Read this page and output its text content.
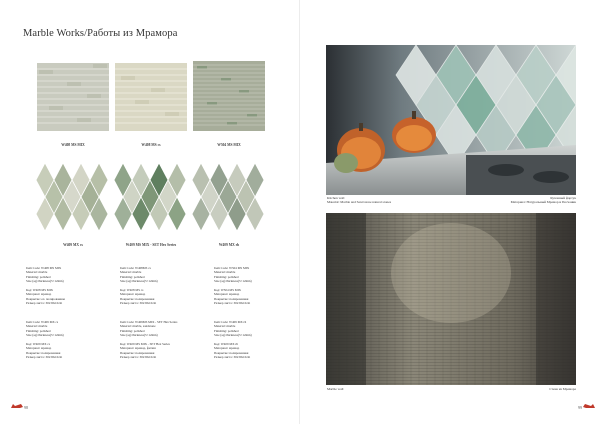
Marble Works/Работы из Мрамора
W408 MS MIX	W408 MS cs	W504 MS MIX
W409 MX cs	W409 MS MIX - SET Hex Series	W409 MX rh
Item Code: W408 MS MIX
Material: marble
Finishing: polished
Size (sq)/thickness(5×12mm)

Код: W408 MS MIX
Материал: мрамор
Покрытие: ел. полированная
Размер листа: 30x30x10cm
Item Code: W408MS cs
Material: marble
Finishing: polished
Size (sq)/thickness(5×12mm)

Код: W408 MS cs
Материал: мрамор
Покрытие: полированная
Размер листа: 30x30x10cm
Item Code: W504 MS MIX
Material: marble
Finishing: polished
Size (sq)/thickness(5×12mm)

Код: W504 MS MIX
Материал: мрамор
Покрытие: полированная
Размер листа: 30x30x10cm
Item Code: W409 MX cs
Material: marble
Finishing: polished
Size (sq)/thickness(5×12mm)

Код: W409 MX cs
Материал: мрамор
Покрытие: полированная
Размер листа: 30x30x10cm
Item Code: W409MS MIX - SET Hex Series
Material: marble, sandstone
Finishing: polished
Size (sq)/thickness(5×12mm)

Код: W409 MS MIX - SET Hex Series
Материал: мрамор, фетиш
Покрытие: полированная
Размер листа: 30x30x10cm
Item Code: W409 MX rh
Material: marble
Finishing: polished
Size (sq)/thickness(5×12mm)

Код: W409 MX rh
Материал: мрамор
Покрытие: полированная
Размер листа: 30x30x10cm
98
Kitchen wall
Material: Marble and Sand stone natural stones
Кухонный фартук
Материал: Натуральный Мрамор и Песчаник
Marble wall	Стена из Мрамора
99
